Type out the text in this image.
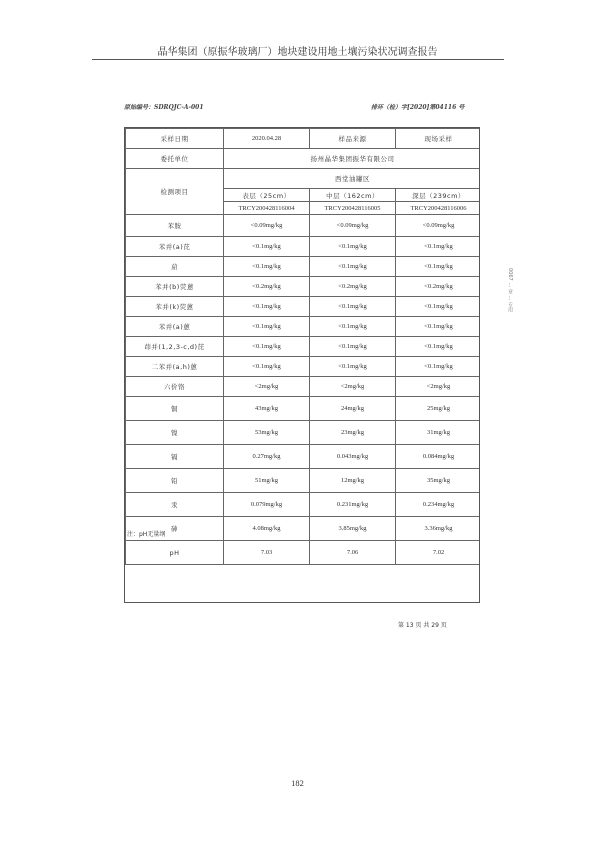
晶华集团（原振华玻璃厂）地块建设用地土壤污染状况调查报告
原始编号：SDRQJC-A-001	排环（检）字[2020]第04116 号
采样日期	2020.04.28	样品来源	现场采样
委托单位	扬州晶华集团振华有限公司		
检测项目	西堂油罐区		
	表层（25cm）	中层（162cm）	深层（239cm）
	TRCY200428116004	TRCY200428116005	TRCY200428116006
苯胺	<0.09mg/kg	<0.09mg/kg	<0.09mg/kg
苯并(a)芘	<0.1mg/kg	<0.1mg/kg	<0.1mg/kg
䓛	<0.1mg/kg	<0.1mg/kg	<0.1mg/kg
苯并(b)荧蒽	<0.2mg/kg	<0.2mg/kg	<0.2mg/kg
苯并(k)荧蒽	<0.1mg/kg	<0.1mg/kg	<0.1mg/kg
苯并(a)蒽	<0.1mg/kg	<0.1mg/kg	<0.1mg/kg
茚并(1,2,3-c,d)芘	<0.1mg/kg	<0.1mg/kg	<0.1mg/kg
二苯并(a,h)蒽	<0.1mg/kg	<0.1mg/kg	<0.1mg/kg
六价铬	<2mg/kg	<2mg/kg	<2mg/kg
铜	43mg/kg	24mg/kg	25mg/kg
镍	53mg/kg	23mg/kg	31mg/kg
镉	0.27mg/kg	0.043mg/kg	0.084mg/kg
铅	51mg/kg	12mg/kg	35mg/kg
汞	0.079mg/kg	0.231mg/kg	0.234mg/kg
砷	4.08mg/kg	3.85mg/kg	3.36mg/kg
pH	7.03	7.06	7.02

注：pH无量纲
第 13 页 共 29 页
0067 … 章 … 专用
182
